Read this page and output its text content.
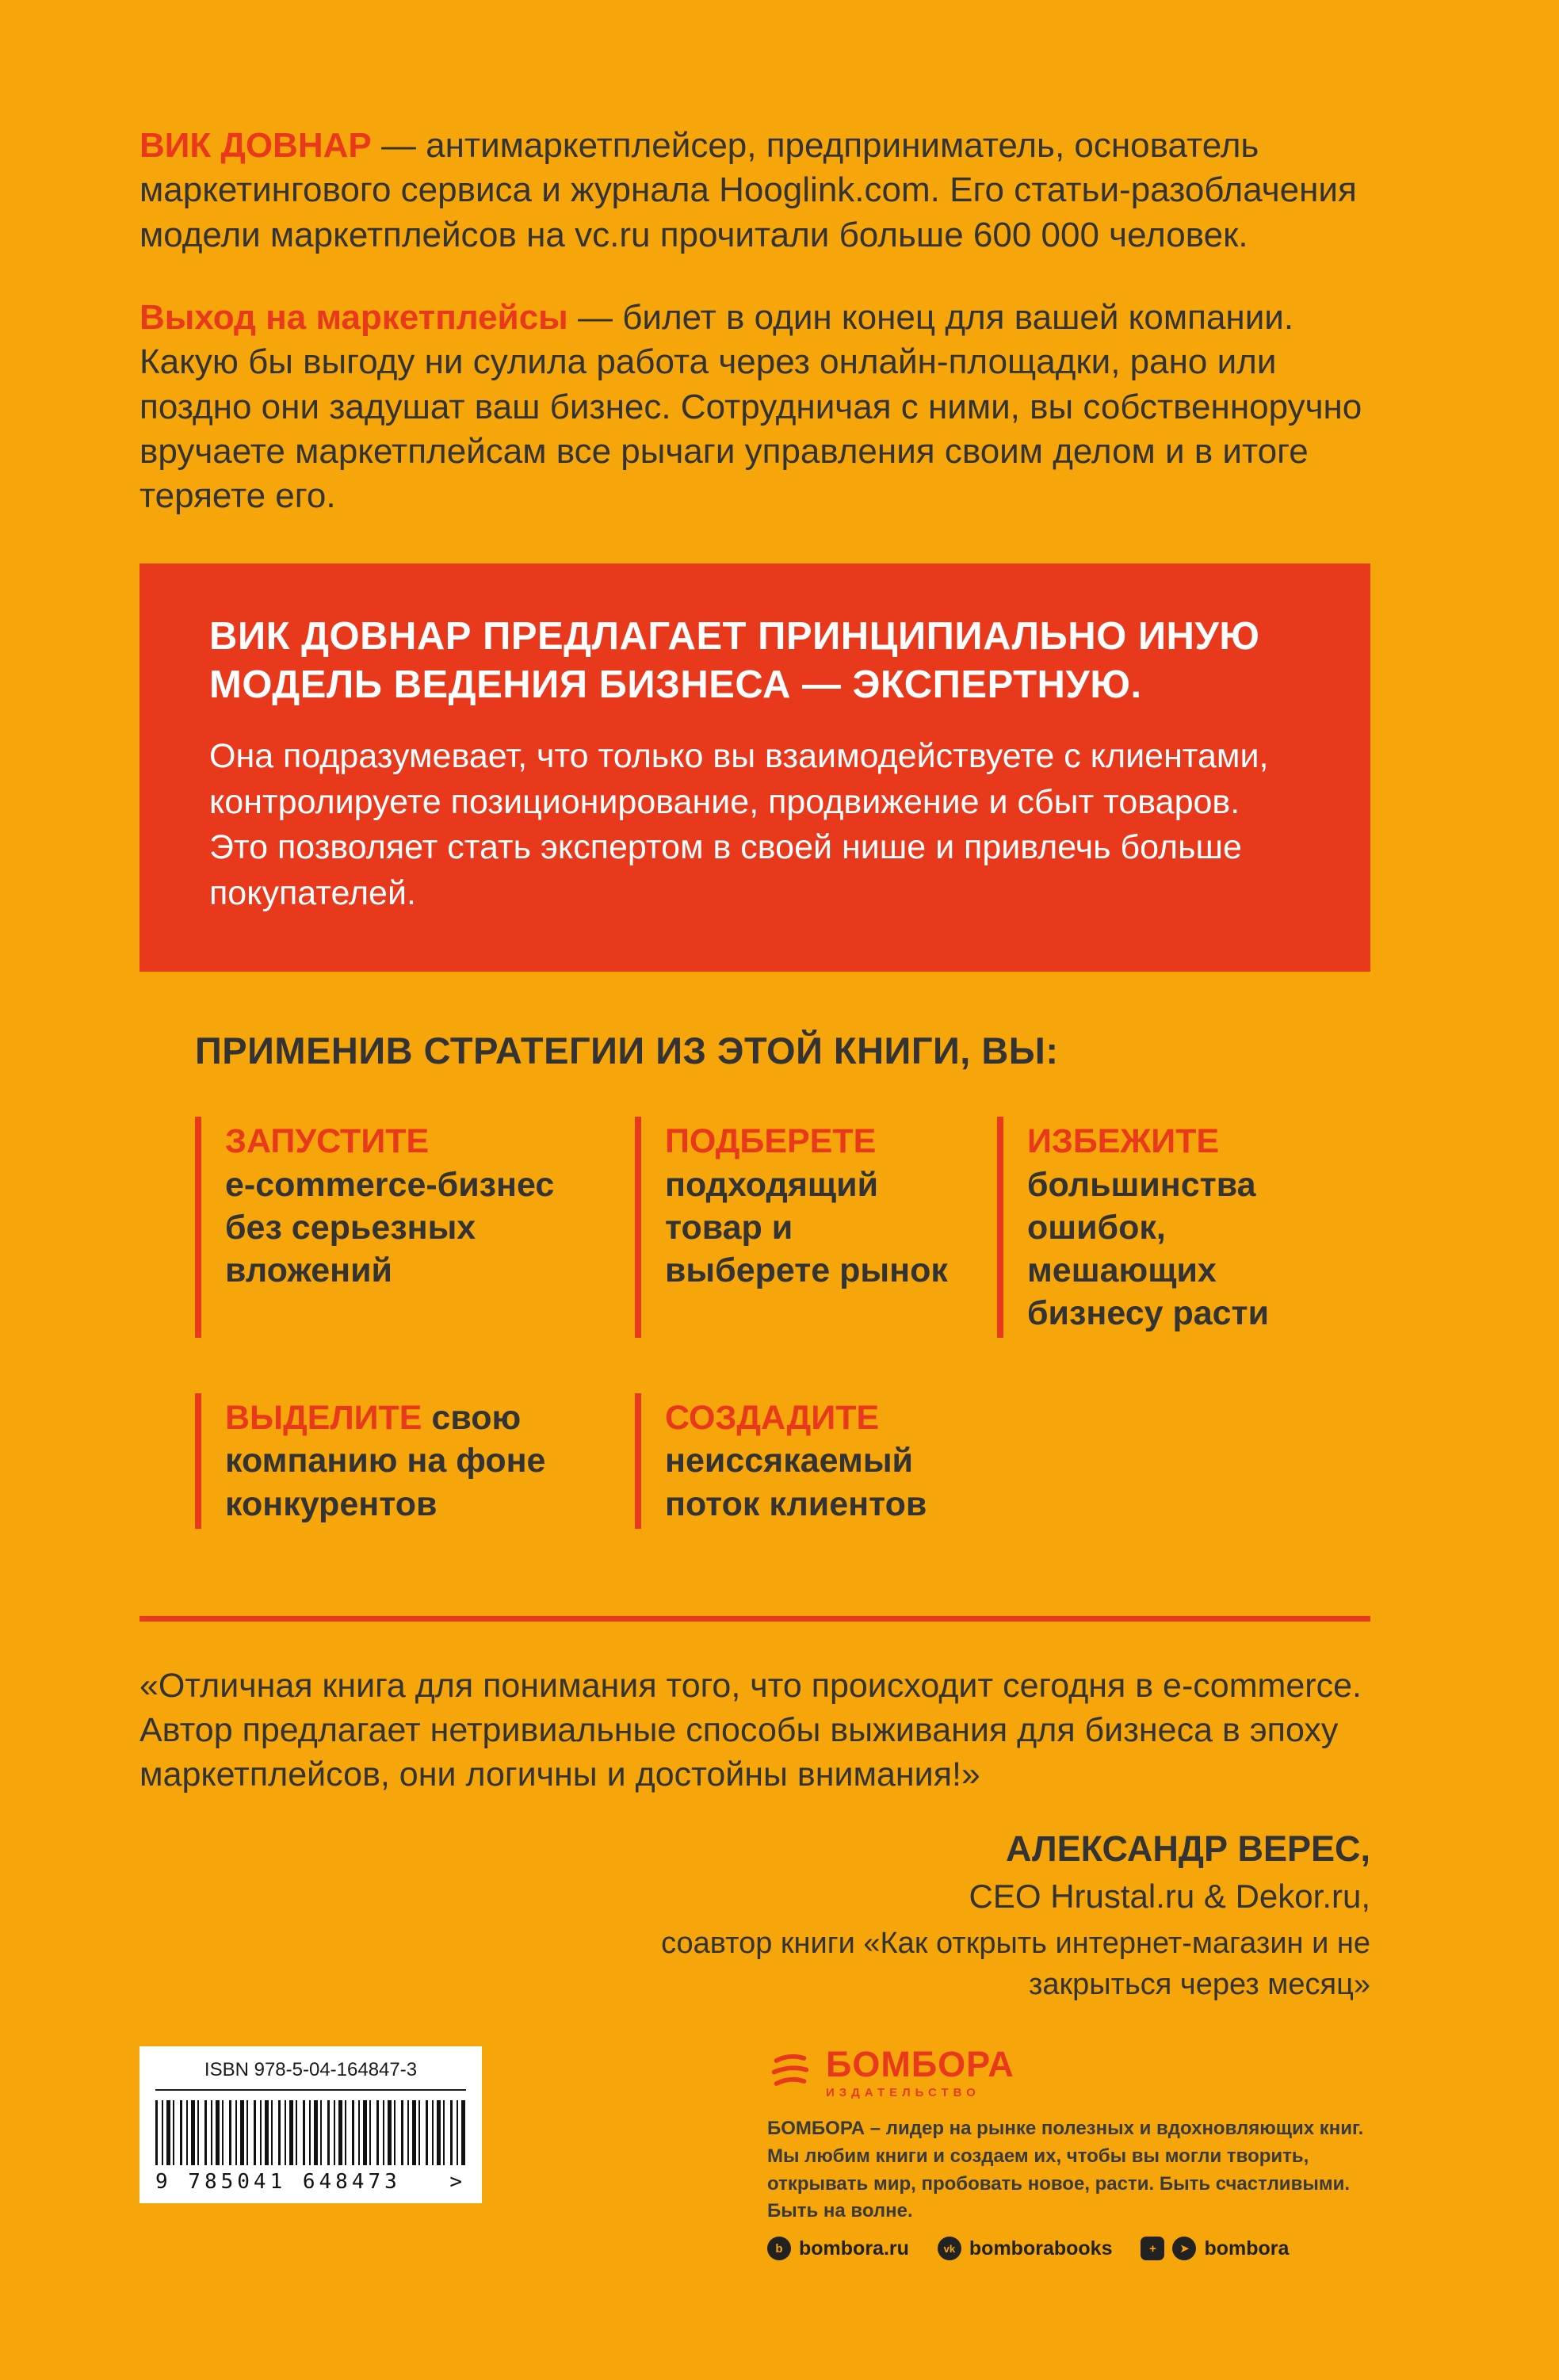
ВИК ДОВНАР — антимаркетплейсер, предприниматель, основатель маркетингового сервиса и журнала Hooglink.com. Его статьи-разоблачения модели маркетплейсов на vc.ru прочитали больше 600 000 человек.

Выход на маркетплейсы — билет в один конец для вашей компании. Какую бы выгоду ни сулила работа через онлайн-площадки, рано или поздно они задушат ваш бизнес. Сотрудничая с ними, вы собственноручно вручаете маркетплейсам все рычаги управления своим делом и в итоге теряете его.

ВИК ДОВНАР ПРЕДЛАГАЕТ ПРИНЦИПИАЛЬНО ИНУЮ МОДЕЛЬ ВЕДЕНИЯ БИЗНЕСА — ЭКСПЕРТНУЮ.

Она подразумевает, что только вы взаимодействуете с клиентами, контролируете позиционирование, продвижение и сбыт товаров. Это позволяет стать экспертом в своей нише и привлечь больше покупателей.

ПРИМЕНИВ СТРАТЕГИИ ИЗ ЭТОЙ КНИГИ, ВЫ:
ЗАПУСТИТЕ
e-commerce-бизнес без серьезных вложений
ПОДБЕРЕТЕ
подходящий товар и выберете рынок
ИЗБЕЖИТЕ
большинства ошибок, мешающих бизнесу расти
ВЫДЕЛИТЕ свою компанию на фоне конкурентов
СОЗДАДИТЕ
неиссякаемый поток клиентов

«Отличная книга для понимания того, что происходит сегодня в e-commerce. Автор предлагает нетривиальные способы выживания для бизнеса в эпоху маркетплейсов, они логичны и достойны внимания!»

АЛЕКСАНДР ВЕРЕС,

CEO Hrustal.ru & Dekor.ru,

соавтор книги «Как открыть интернет-магазин и не закрыться через месяц»

ISBN 978-5-04-164847-3
9 785041 648473 >
БОМБОРА
ИЗДАТЕЛЬСТВО
БОМБОРА – лидер на рынке полезных и вдохновляющих книг. Мы любим книги и создаем их, чтобы вы могли творить, открывать мир, пробовать новое, расти. Быть счастливыми. Быть на волне.
b bombora.ru	vk bomborabooks	+	➤ bombora
